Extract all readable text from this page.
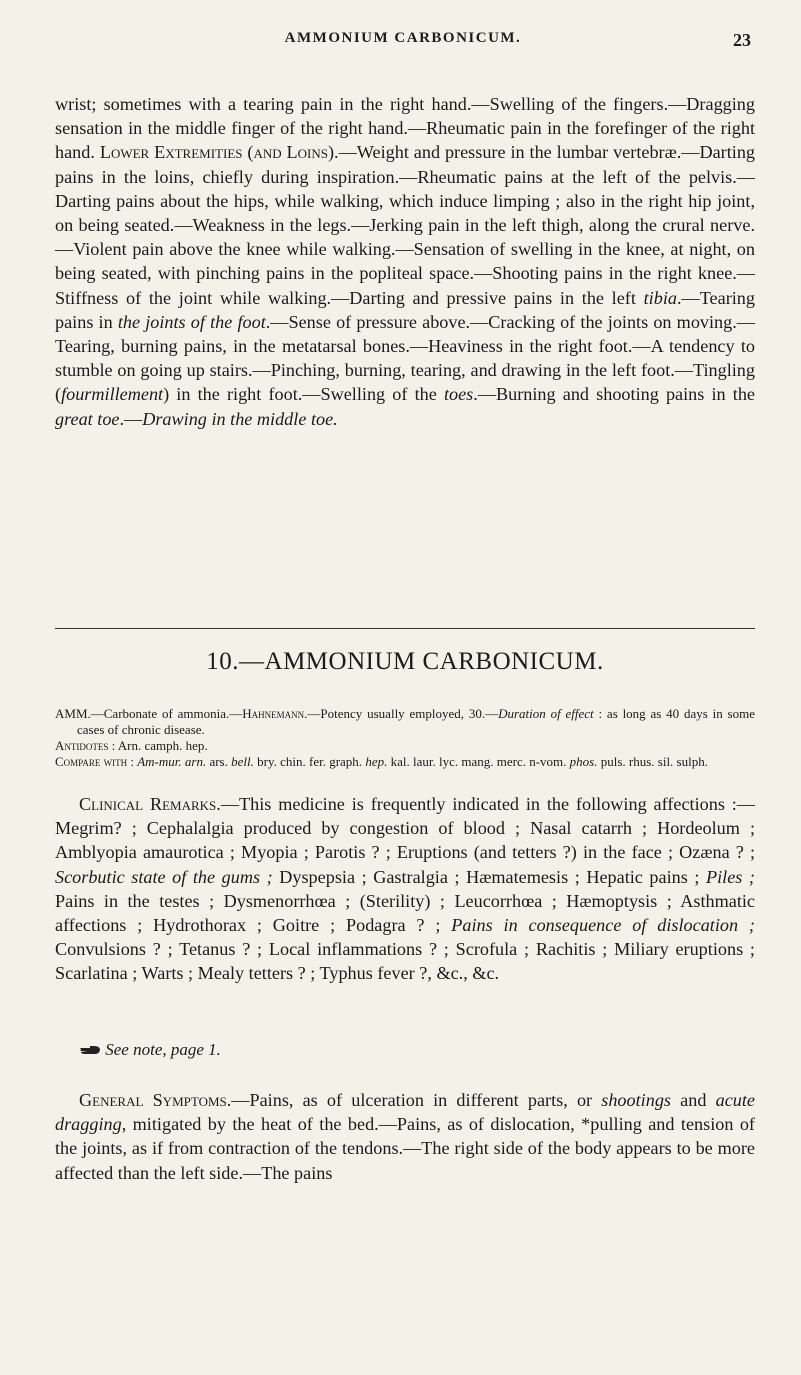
AMMONIUM CARBONICUM.	23

wrist; sometimes with a tearing pain in the right hand.—Swelling of the fingers.—Dragging sensation in the middle finger of the right hand.—Rheumatic pain in the forefinger of the right hand. Lower Extremities (and Loins).—Weight and pressure in the lumbar vertebræ.—Darting pains in the loins, chiefly during inspiration.—Rheumatic pains at the left of the pelvis.—Darting pains about the hips, while walking, which induce limping ; also in the right hip joint, on being seated.—Weakness in the legs.—Jerking pain in the left thigh, along the crural nerve.—Violent pain above the knee while walking.—Sensation of swelling in the knee, at night, on being seated, with pinching pains in the popliteal space.—Shooting pains in the right knee.—Stiffness of the joint while walking.—Darting and pressive pains in the left tibia.—Tearing pains in the joints of the foot.—Sense of pressure above.—Cracking of the joints on moving.—Tearing, burning pains, in the metatarsal bones.—Heaviness in the right foot.—A tendency to stumble on going up stairs.—Pinching, burning, tearing, and drawing in the left foot.—Tingling (fourmillement) in the right foot.—Swelling of the toes.—Burning and shooting pains in the great toe.—Drawing in the middle toe.

10.—AMMONIUM CARBONICUM.

AMM.—Carbonate of ammonia.—Hahnemann.—Potency usually employed, 30.—Duration of effect : as long as 40 days in some cases of chronic disease.

Antidotes : Arn. camph. hep.

Compare with : Am-mur. arn. ars. bell. bry. chin. fer. graph. hep. kal. laur. lyc. mang. merc. n-vom. phos. puls. rhus. sil. sulph.

Clinical Remarks.—This medicine is frequently indicated in the following affections :—Megrim? ; Cephalalgia produced by congestion of blood ; Nasal catarrh ; Hordeolum ; Amblyopia amaurotica ; Myopia ; Parotis ? ; Eruptions (and tetters ?) in the face ; Ozæna ? ; Scorbutic state of the gums ; Dyspepsia ; Gastralgia ; Hæmatemesis ; Hepatic pains ; Piles ; Pains in the testes ; Dysmenorrhœa ; (Sterility) ; Leucorrhœa ; Hæmoptysis ; Asthmatic affections ; Hydrothorax ; Goitre ; Podagra ? ; Pains in consequence of dislocation ; Convulsions ? ; Tetanus ? ; Local inflammations ? ; Scrofula ; Rachitis ; Miliary eruptions ; Scarlatina ; Warts ; Mealy tetters ? ; Typhus fever ?, &c., &c.

See note, page 1.

General Symptoms.—Pains, as of ulceration in different parts, or shootings and acute dragging, mitigated by the heat of the bed.—Pains, as of dislocation, *pulling and tension of the joints, as if from contraction of the tendons.—The right side of the body appears to be more affected than the left side.—The pains
